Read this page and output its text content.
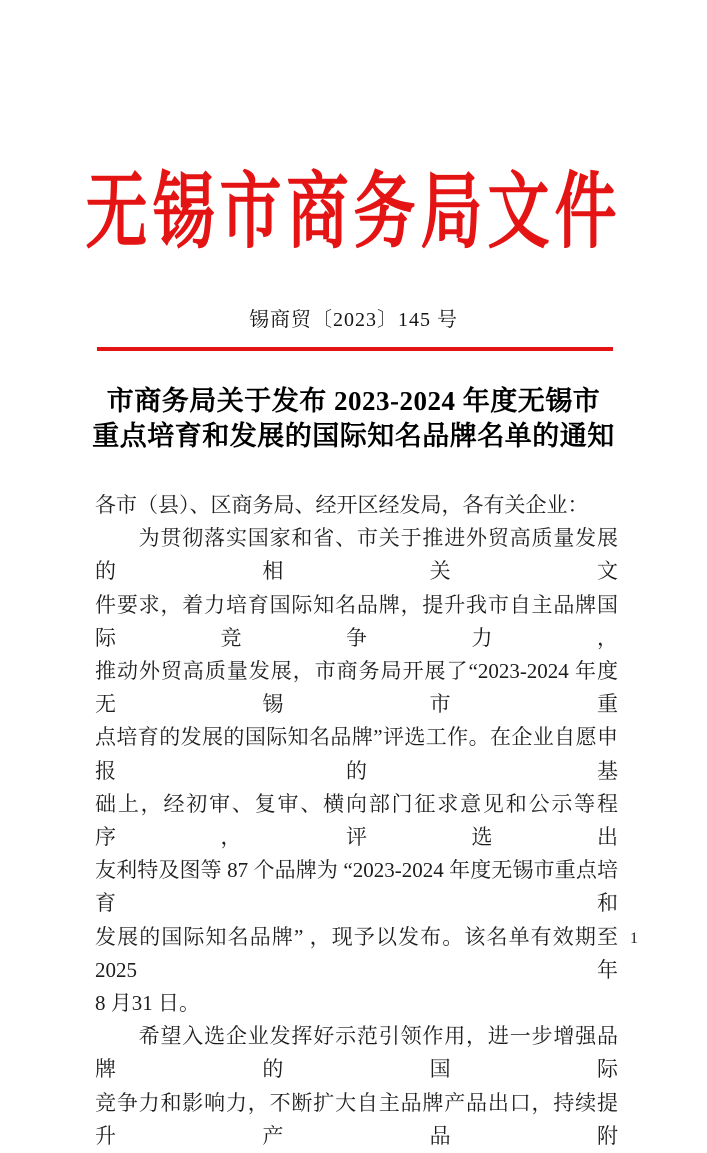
无锡市商务局文件
锡商贸〔2023〕145 号
市商务局关于发布 2023-2024 年度无锡市
重点培育和发展的国际知名品牌名单的通知
各市（县）、区商务局、经开区经发局，各有关企业：
　　为贯彻落实国家和省、市关于推进外贸高质量发展的相关文
件要求，着力培育国际知名品牌，提升我市自主品牌国际竞争力，
推动外贸高质量发展，市商务局开展了“2023-2024 年度无锡市重
点培育的发展的国际知名品牌”评选工作。在企业自愿申报的基
础上，经初审、复审、横向部门征求意见和公示等程序，评选出
友利特及图等 87 个品牌为 “2023-2024 年度无锡市重点培育和
发展的国际知名品牌” ，现予以发布。该名单有效期至 2025 年
8 月31 日。
　　希望入选企业发挥好示范引领作用，进一步增强品牌的国际
竞争力和影响力，不断扩大自主品牌产品出口，持续提升产品附
1
